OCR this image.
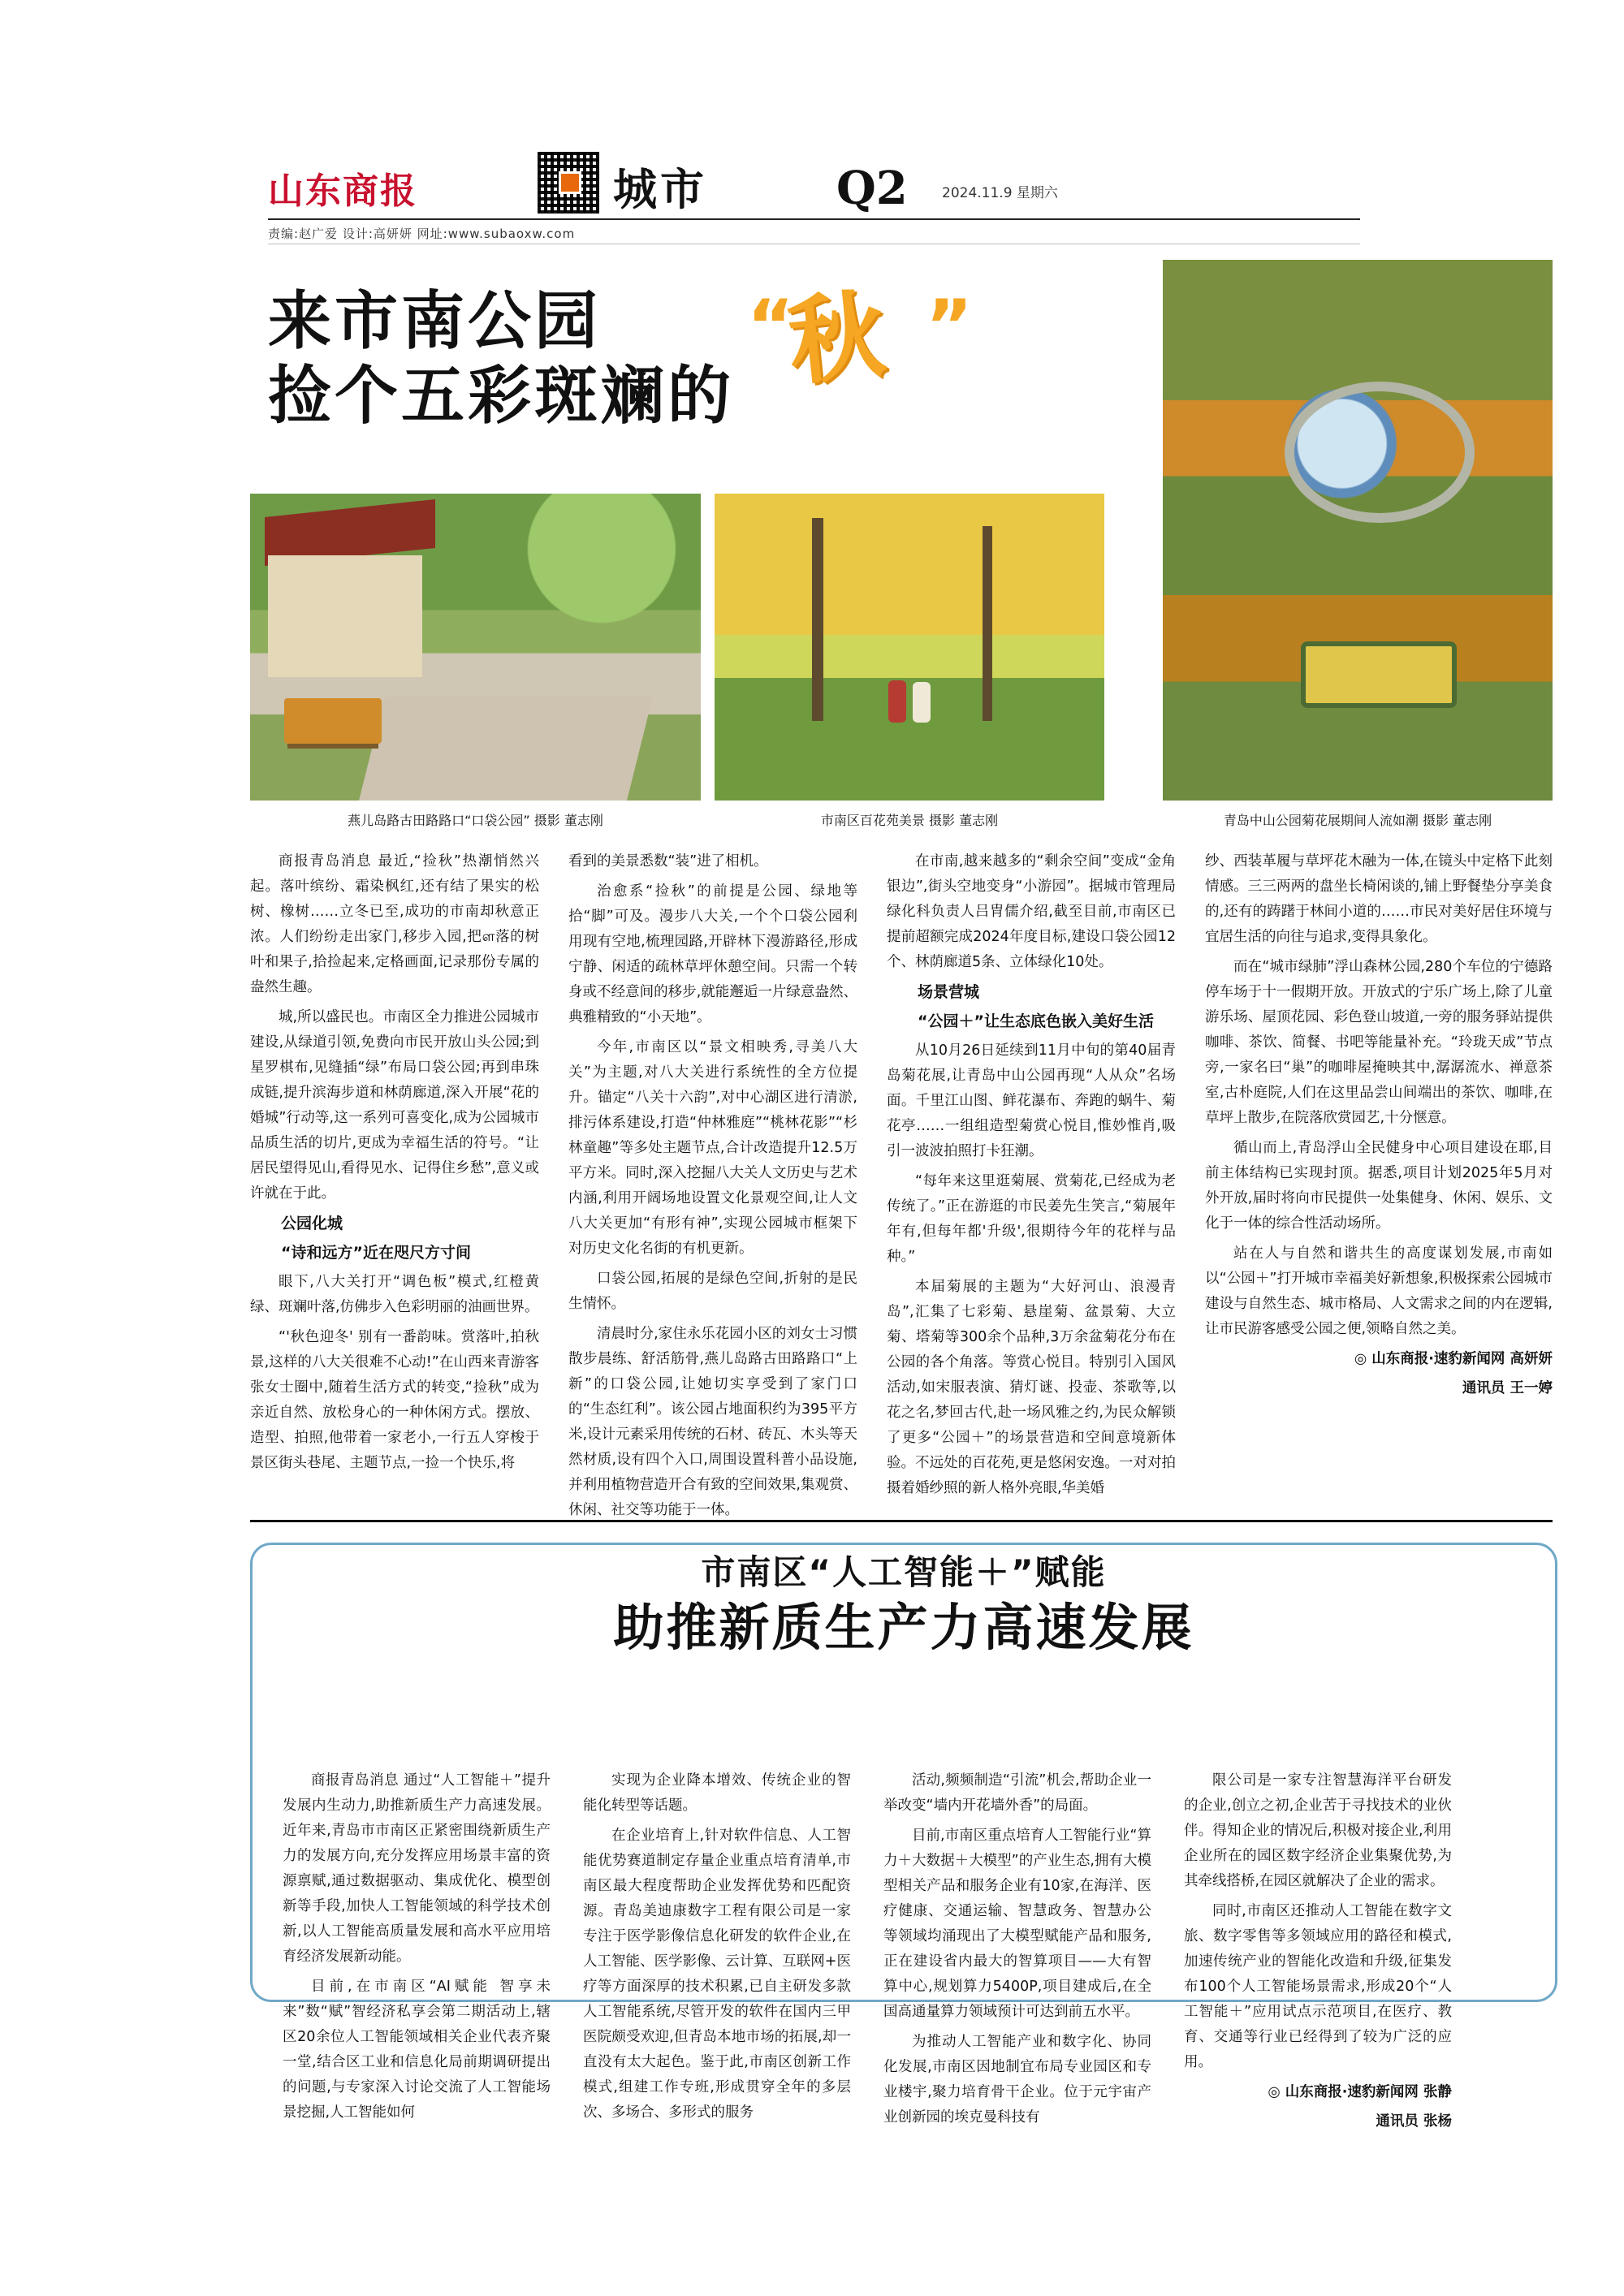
山东商报	城市	Q2 2024.11.9 星期六
责编:赵广爱 设计:高妍妍 网址:www.subaoxw.com
来市南公园
捡个五彩斑斓的
“
秋 ”
燕儿岛路古田路路口“口袋公园” 摄影 董志刚	市南区百花苑美景 摄影 董志刚	青岛中山公园菊花展期间人流如潮 摄影 董志刚

商报青岛消息 最近,“捡秋”热潮悄然兴起。落叶缤纷、霜染枫红,还有结了果实的松树、橡树……立冬已至,成功的市南却秋意正浓。人们纷纷走出家门,移步入园,把ள落的树叶和果子,拾捡起来,定格画面,记录那份专属的盎然生趣。

城,所以盛民也。市南区全力推进公园城市建设,从绿道引领,免费向市民开放山头公园;到星罗棋布,见缝插“绿”布局口袋公园;再到串珠成链,提升滨海步道和林荫廊道,深入开展“花的婚城”行动等,这一系列可喜变化,成为公园城市品质生活的切片,更成为幸福生活的符号。“让居民望得见山,看得见水、记得住乡愁”,意义或许就在于此。

公园化城

“诗和远方”近在咫尺方寸间

眼下,八大关打开“调色板”模式,红橙黄绿、斑斓叶落,仿佛步入色彩明丽的油画世界。

“'秋色迎冬' 别有一番韵味。赏落叶,拍秋景,这样的八大关很难不心动!”在山西来青游客张女士圈中,随着生活方式的转变,“捡秋”成为亲近自然、放松身心的一种休闲方式。摆放、造型、拍照,他带着一家老小,一行五人穿梭于景区街头巷尾、主题节点,一捡一个快乐,将

看到的美景悉数“装”进了相机。

治愈系“捡秋”的前提是公园、绿地等拾“脚”可及。漫步八大关,一个个口袋公园利用现有空地,梳理园路,开辟林下漫游路径,形成宁静、闲适的疏林草坪休憩空间。只需一个转身或不经意间的移步,就能邂逅一片绿意盎然、典雅精致的“小天地”。

今年,市南区以“景文相映秀,寻美八大关”为主题,对八大关进行系统性的全方位提升。锚定“八关十六韵”,对中心湖区进行清淤,排污体系建设,打造“仲林雅庭”“桃林花影”“杉林童趣”等多处主题节点,合计改造提升12.5万平方米。同时,深入挖掘八大关人文历史与艺术内涵,利用开阔场地设置文化景观空间,让人文八大关更加“有形有神”,实现公园城市框架下对历史文化名街的有机更新。

口袋公园,拓展的是绿色空间,折射的是民生情怀。

清晨时分,家住永乐花园小区的刘女士习惯散步晨练、舒活筋骨,燕儿岛路古田路路口“上新”的口袋公园,让她切实享受到了家门口的“生态红利”。该公园占地面积约为395平方米,设计元素采用传统的石材、砖瓦、木头等天然材质,设有四个入口,周围设置科普小品设施,并利用植物营造开合有致的空间效果,集观赏、休闲、社交等功能于一体。

在市南,越来越多的“剩余空间”变成“金角银边”,街头空地变身“小游园”。据城市管理局绿化科负责人吕胄儒介绍,截至目前,市南区已提前超额完成2024年度目标,建设口袋公园12个、林荫廊道5条、立体绿化10处。

场景营城

“公园＋”让生态底色嵌入美好生活

从10月26日延续到11月中旬的第40届青岛菊花展,让青岛中山公园再现“人从众”名场面。千里江山图、鲜花瀑布、奔跑的蜗牛、菊花亭……一组组造型菊赏心悦目,惟妙惟肖,吸引一波波拍照打卡狂潮。

“每年来这里逛菊展、赏菊花,已经成为老传统了。”正在游逛的市民姜先生笑言,“菊展年年有,但每年都'升级',很期待今年的花样与品种。”

本届菊展的主题为“大好河山、浪漫青岛”,汇集了七彩菊、悬崖菊、盆景菊、大立菊、塔菊等300余个品种,3万余盆菊花分布在公园的各个角落。等赏心悦目。特别引入国风活动,如宋服表演、猜灯谜、投壶、茶歌等,以花之名,梦回古代,赴一场风雅之约,为民众解锁了更多“公园＋”的场景营造和空间意境新体验。不远处的百花苑,更是悠闲安逸。一对对拍摄着婚纱照的新人格外亮眼,华美婚

纱、西装革履与草坪花木融为一体,在镜头中定格下此刻情感。三三两两的盘坐长椅闲谈的,铺上野餐垫分享美食的,还有的踌躇于林间小道的……市民对美好居住环境与宜居生活的向往与追求,变得具象化。

而在“城市绿肺”浮山森林公园,280个车位的宁德路停车场于十一假期开放。开放式的宁乐广场上,除了儿童游乐场、屋顶花园、彩色登山坡道,一旁的服务驿站提供咖啡、茶饮、简餐、书吧等能量补充。“玲珑天成”节点旁,一家名曰“巢”的咖啡屋掩映其中,潺潺流水、禅意茶室,古朴庭院,人们在这里品尝山间端出的茶饮、咖啡,在草坪上散步,在院落欣赏园艺,十分惬意。

循山而上,青岛浮山全民健身中心项目建设在耶,目前主体结构已实现封顶。据悉,项目计划2025年5月对外开放,届时将向市民提供一处集健身、休闲、娱乐、文化于一体的综合性活动场所。

站在人与自然和谐共生的高度谋划发展,市南如以“公园＋”打开城市幸福美好新想象,积极探索公园城市建设与自然生态、城市格局、人文需求之间的内在逻辑,让市民游客感受公园之便,领略自然之美。

◎ 山东商报·速豹新闻网 高妍妍

通讯员 王一婷

市南区“人工智能＋”赋能
助推新质生产力高速发展

商报青岛消息 通过“人工智能＋”提升发展内生动力,助推新质生产力高速发展。近年来,青岛市市南区正紧密围绕新质生产力的发展方向,充分发挥应用场景丰富的资源禀赋,通过数据驱动、集成优化、模型创新等手段,加快人工智能领域的科学技术创新,以人工智能高质量发展和高水平应用培育经济发展新动能。

目前,在市南区“AI赋能 智享未来”数“赋”智经济私享会第二期活动上,辖区20余位人工智能领域相关企业代表齐聚一堂,结合区工业和信息化局前期调研提出的问题,与专家深入讨论交流了人工智能场景挖掘,人工智能如何

实现为企业降本增效、传统企业的智能化转型等话题。

在企业培育上,针对软件信息、人工智能优势赛道制定存量企业重点培育清单,市南区最大程度帮助企业发挥优势和匹配资源。青岛美迪康数字工程有限公司是一家专注于医学影像信息化研发的软件企业,在人工智能、医学影像、云计算、互联网+医疗等方面深厚的技术积累,已自主研发多款人工智能系统,尽管开发的软件在国内三甲医院颇受欢迎,但青岛本地市场的拓展,却一直没有太大起色。鉴于此,市南区创新工作模式,组建工作专班,形成贯穿全年的多层次、多场合、多形式的服务

活动,频频制造“引流”机会,帮助企业一举改变“墙内开花墙外香”的局面。

目前,市南区重点培育人工智能行业“算力＋大数据＋大模型”的产业生态,拥有大模型相关产品和服务企业有10家,在海洋、医疗健康、交通运输、智慧政务、智慧办公等领域均涌现出了大模型赋能产品和服务,正在建设省内最大的智算项目——大有智算中心,规划算力5400P,项目建成后,在全国高通量算力领域预计可达到前五水平。

为推动人工智能产业和数字化、协同化发展,市南区因地制宜布局专业园区和专业楼宇,聚力培育骨干企业。位于元宇宙产业创新园的埃克曼科技有

限公司是一家专注智慧海洋平台研发的企业,创立之初,企业苦于寻找技术的业伙伴。得知企业的情况后,积极对接企业,利用企业所在的园区数字经济企业集聚优势,为其牵线搭桥,在园区就解决了企业的需求。

同时,市南区还推动人工智能在数字文旅、数字零售等多领域应用的路径和模式,加速传统产业的智能化改造和升级,征集发布100个人工智能场景需求,形成20个“人工智能＋”应用试点示范项目,在医疗、教育、交通等行业已经得到了较为广泛的应用。

◎ 山东商报·速豹新闻网 张静

通讯员 张杨
